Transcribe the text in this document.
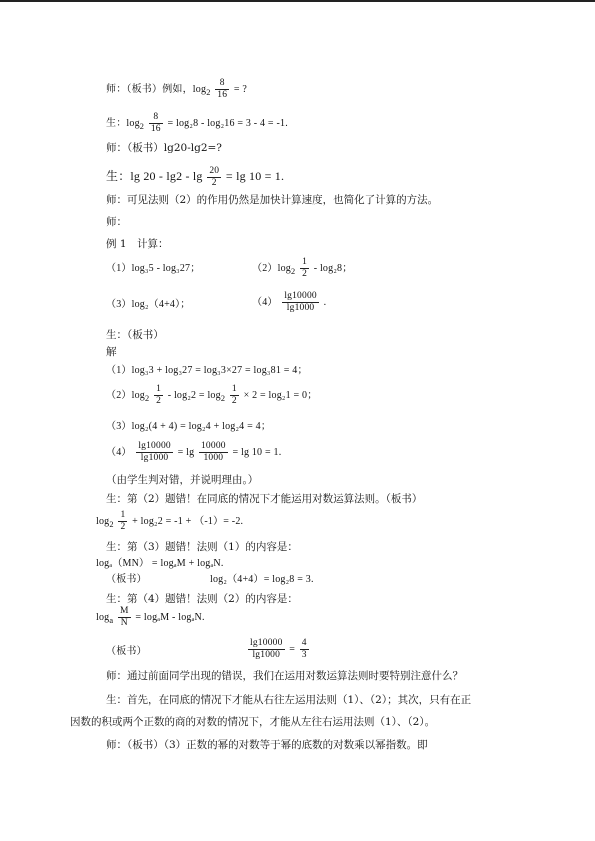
师：（板书）例如，$\log_2 \frac{8}{16}$ = ?
生：$\log_2 \frac{8}{16} = \log_28 - \log_216 = 3 - 4 = -1$.
师：（板书）lg20-lg2=?
生：$\lg 20 - \lg 2 - \lg \frac{20}{2} = \lg 10 = 1$.
师：可见法则（2）的作用仍然是加快计算速度，也简化了计算的方法。
师：
例 1　计算：
（1）log₃5 - log₃27；	$(2)\log_2 \frac{1}{2} - \log_28$；
（3）log₂（4+4）；	$(4) \frac{\lg 10000}{\lg 1000}$ .
生：（板书）
解
（1）log₃3 + log₃27 = log₃3×27 = log₃81 = 4；
$(2)\log_2 \frac{1}{2} - \log_22 = \log_2 \frac{1}{2} \times 2 = \log_21 = 0$；
（3）log₂(4 + 4) = log₂4 + log₂4 = 4；
$(4) \frac{\lg 10000}{\lg 1000} = \lg \frac{10000}{1000} = \lg 10 = 1$.
（由学生判对错，并说明理由。）
生：第（2）题错！在同底的情况下才能运用对数运算法则。（板书）
$\log_2 \frac{1}{2} + \log_22 = -1 + (-1)= -2$.
生：第（3）题错！法则（1）的内容是：
logₐ（MN） = logₐM + logₐN.
（板书）	log₂（4+4）= log₂8 = 3.
生：第（4）题错！法则（2）的内容是：
$\log_a \frac{M}{N} = \log_aM - \log_aN$.
（板书）	$\frac{\lg 10000}{\lg 1000} = \frac{4}{3}$
师：通过前面同学出现的错误，我们在运用对数运算法则时要特别注意什么？
生：首先，在同底的情况下才能从右往左运用法则（1）、（2）；其次，只有在正
因数的积或两个正数的商的对数的情况下，才能从左往右运用法则（1）、（2）。
师：（板书）（3）正数的幂的对数等于幂的底数的对数乘以幂指数。即
